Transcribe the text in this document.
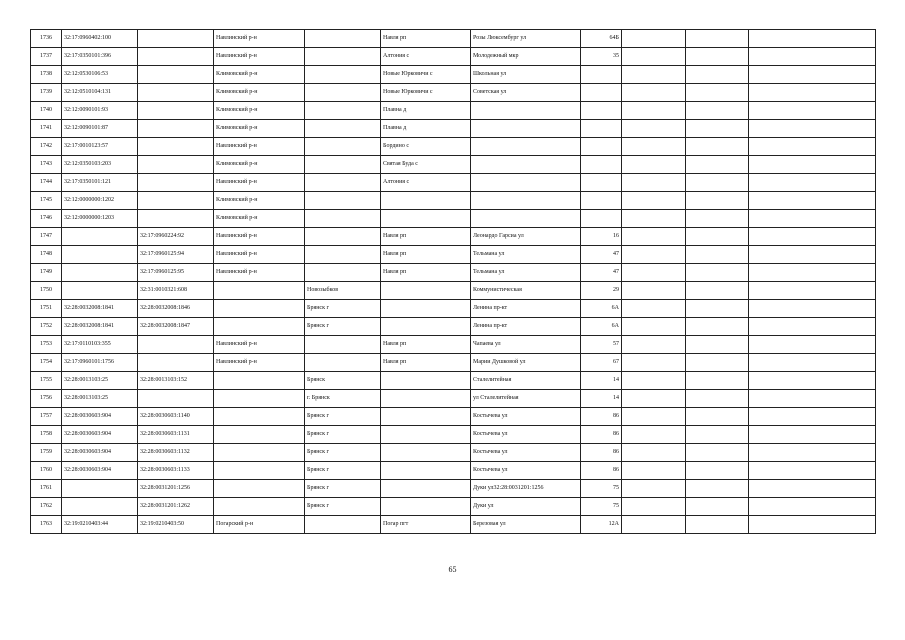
1736	32:17:0960402:100		Навлинский р-н		Навля рп	Розы Люксембург ул	64Б			
1737	32:17:0350101:396		Навлинский р-н		Алтония с	Молодежный мкр	35			
1738	32:12:0530106:53		Климовский р-н		Новые Юрковичи с	Школьная ул				
1739	32:12:0510104:131		Климовский р-н		Новые Юрковичи с	Советская ул				
1740	32:12:0090101:93		Климовский р-н		Плавна д					
1741	32:12:0090101:87		Климовский р-н		Плавна д					
1742	32:17:0010123:57		Навлинский р-н		Бордино с					
1743	32:12:0350103:203		Климовский р-н		Святая Буда с					
1744	32:17:0350101:121		Навлинский р-н		Алтония с					
1745	32:12:0000000:1202		Климовский р-н							
1746	32:12:0000000:1203		Климовский р-н							
1747		32:17:0960224:92	Навлинский р-н		Навля рп	Леонардо Гарсиа ул	16			
1748		32:17:0960125:94	Навлинский р-н		Навля рп	Тельмана ул	47			
1749		32:17:0960125:95	Навлинский р-н		Навля рп	Тельмана ул	47			
1750		32:31:0010321:608		Новозыбков		Коммунистическая	29			
1751	32:28:0032008:1841	32:28:0032008:1846		Брянск г		Ленина пр-кт	6А			
1752	32:28:0032008:1841	32:28:0032008:1847		Брянск г		Ленина пр-кт	6А			
1753	32:17:0110103:355		Навлинский р-н		Навля рп	Чапаева ул	57			
1754	32:17:0960101:1756		Навлинский р-н		Навля рп	Марии Душковой ул	67			
1755	32:28:0013103:25	32:28:0013103:152		Брянск		Сталелитейная	14			
1756	32:28:0013103:25			г. Брянск		ул Сталелитейная	14			
1757	32:28:0030603:904	32:28:0030603:1140		Брянск г		Костычева ул	86			
1758	32:28:0030603:904	32:28:0030603:1131		Брянск г		Костычева ул	86			
1759	32:28:0030603:904	32:28:0030603:1132		Брянск г		Костычева ул	86			
1760	32:28:0030603:904	32:28:0030603:1133		Брянск г		Костычева ул	86			
1761		32:28:0031201:1256		Брянск г		Дуки ул32:28:0031201:1256	75			
1762		32:28:0031201:1262		Брянск г		Дуки ул	75			
1763	32:19:0210403:44	32:19:0210403:50	Погарский р-н		Погар пгт	Березовая ул	12А			
65
